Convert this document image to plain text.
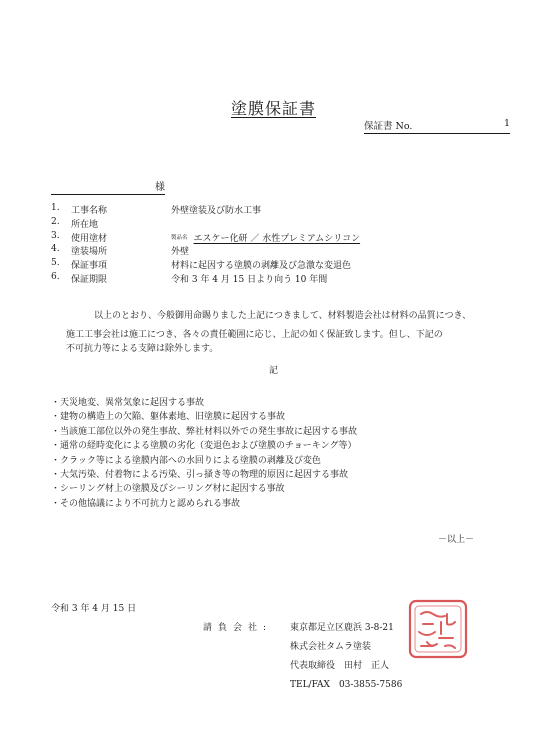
塗膜保証書
保証書 No.	1
様
1.	工事名称	外壁塗装及び防水工事
2.	所在地
3.	使用塗材	$^{製品名}$ エスケー化研 ／ 水性プレミアムシリコン
4.	塗装場所	外壁
5.	保証事項	材料に起因する塗膜の剥離及び急激な変退色
6.	保証期限	令和 3 年 4 月 15 日より向う 10 年間
以上のとおり、今般御用命賜りました上記につきまして、材料製造会社は材料の品質につき、
施工工事会社は施工につき、各々の責任範囲に応じ、上記の如く保証致します。但し、下記の
不可抗力等による支障は除外します。
記
・天災地変、異常気象に起因する事故
・建物の構造上の欠陥、躯体素地、旧塗膜に起因する事故
・当該施工部位以外の発生事故、弊社材料以外での発生事故に起因する事故
・通常の経時変化による塗膜の劣化（変退色および塗膜のチョーキング等）
・クラック等による塗膜内部への水回りによる塗膜の剥離及び変色
・大気汚染、付着物による汚染、引っ掻き等の物理的原因に起因する事故
・シーリング材上の塗膜及びシーリング材に起因する事故
・その他協議により不可抗力と認められる事故
－以上－
令和 3 年 4 月 15 日
請負会社: 東京都足立区鹿浜 3-8-21
株式会社タムラ塗装
代表取締役　田村　正人
TEL/FAX　03-3855-7586
